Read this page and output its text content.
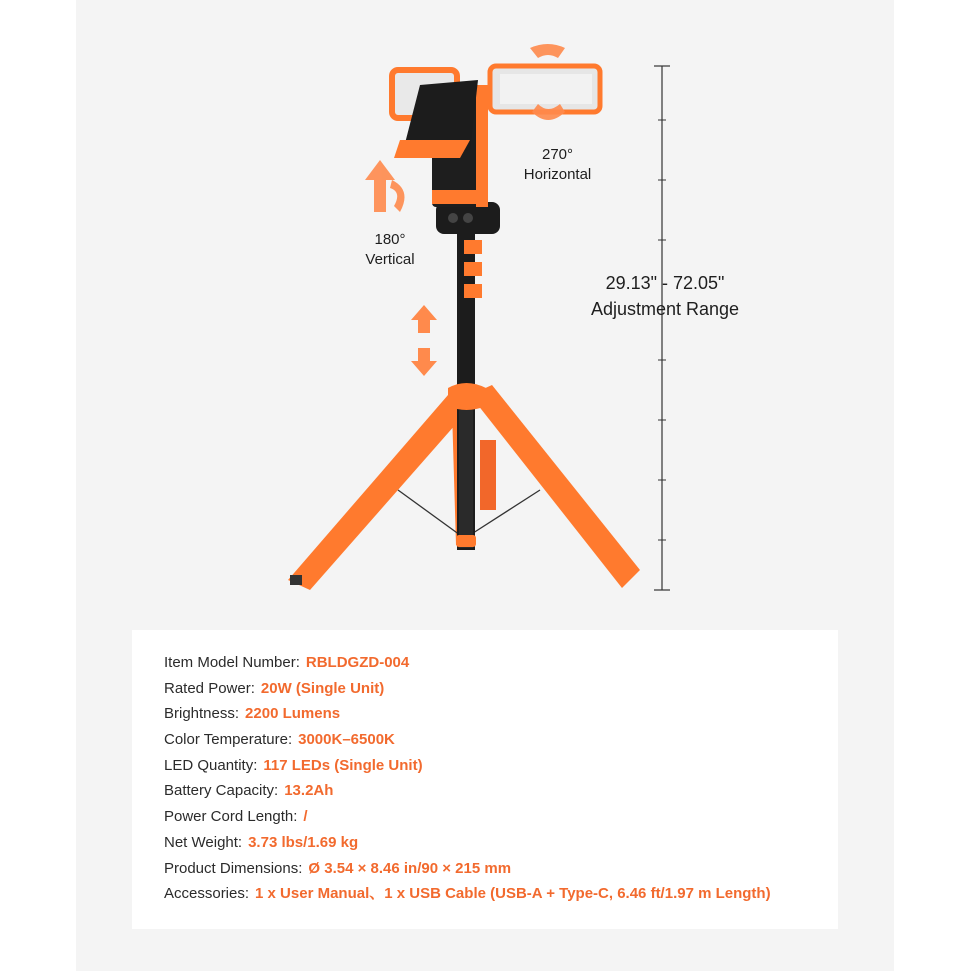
270°
Horizontal
180°
Vertical
29.13" - 72.05"
Adjustment Range
Item Model Number: RBLDGZD-004
Rated Power: 20W (Single Unit)
Brightness: 2200 Lumens
Color Temperature: 3000K–6500K
LED Quantity: 117 LEDs (Single Unit)
Battery Capacity: 13.2Ah
Power Cord Length: /
Net Weight: 3.73 lbs/1.69 kg
Product Dimensions: Ø 3.54 × 8.46 in/90 × 215 mm
Accessories: 1 x User Manual、1 x USB Cable (USB-A + Type-C, 6.46 ft/1.97 m Length)
